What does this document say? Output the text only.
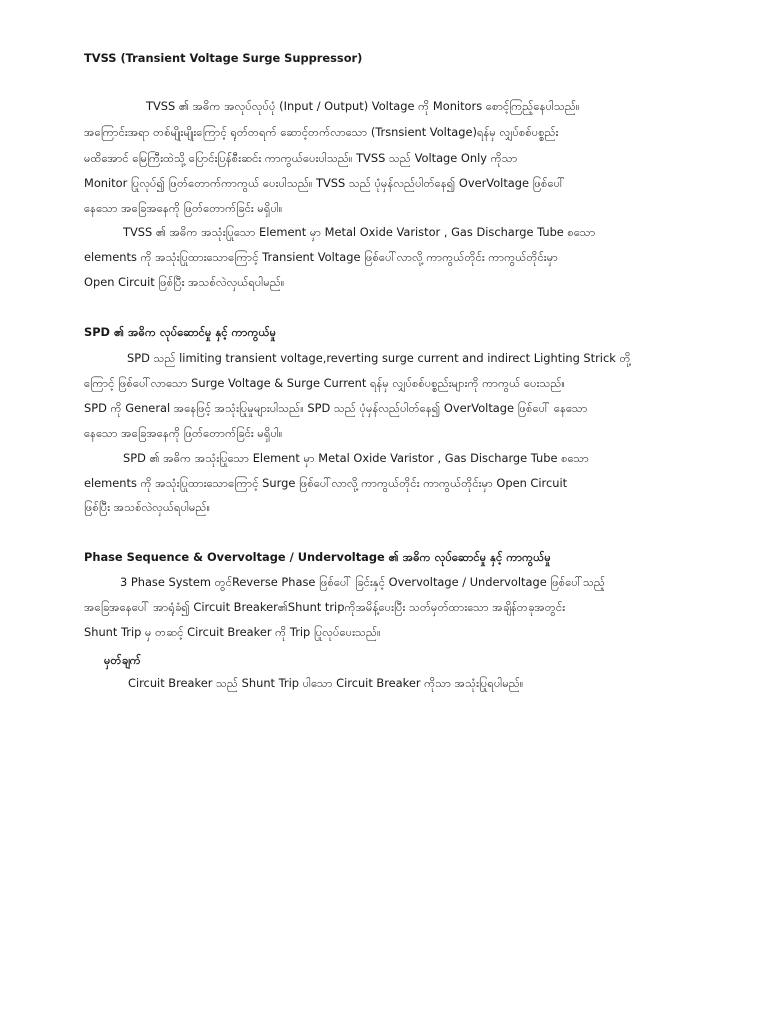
TVSS (Transient Voltage Surge Suppressor)
TVSS ၏ အဓိက အလုပ်လုပ်ပုံ (Input / Output) Voltage ကို Monitors စောင့်ကြည့်နေပါသည်။
အကြောင်းအရာ တစ်မျိုးမျိုးကြောင့် ရုတ်တရက် ဆောင့်တက်လာသော (Trsnsient Voltage)ရန်မှ လျှပ်စစ်ပစ္စည်း
မထိအောင် မြေကြီးထဲသို့ ပြောင်းပြန်စီးဆင်း ကာကွယ်ပေးပါသည်။ TVSS သည် Voltage Only ကိုသာ
Monitor ပြုလုပ်၍ ဖြတ်တောက်ကာကွယ် ပေးပါသည်။ TVSS သည် ပုံမှန်လည်ပါတ်နေ၍ OverVoltage ဖြစ်ပေါ်
နေသော အခြေအနေကို ဖြတ်တောက်ခြင်း မရှိပါ။
TVSS ၏ အဓိက အသုံးပြုသော Element မှာ Metal Oxide Varistor , Gas Discharge Tube စသော
elements ကို အသုံးပြုထားသောကြောင့် Transient Voltage ဖြစ်ပေါ်လာလို့ ကာကွယ်တိုင်း ကာကွယ်တိုင်းမှာ
Open Circuit ဖြစ်ပြီး အသစ်လဲလှယ်ရပါမည်။
SPD ၏ အဓိက လုပ်ဆောင်မှု နှင့် ကာကွယ်မှု
SPD သည် limiting transient voltage,reverting surge current and indirect Lighting Strick တို့
ကြောင့် ဖြစ်ပေါ်လာသော Surge Voltage & Surge Current ရန်မှ လျှပ်စစ်ပစ္စည်းများကို ကာကွယ် ပေးသည်။
SPD ကို General အနေဖြင့် အသုံးပြုမှုများပါသည်။ SPD သည် ပုံမှန်လည်ပါတ်နေ၍ OverVoltage ဖြစ်ပေါ် နေသော
နေသော အခြေအနေကို ဖြတ်တောက်ခြင်း မရှိပါ။
SPD ၏ အဓိက အသုံးပြုသော Element မှာ Metal Oxide Varistor , Gas Discharge Tube စသော
elements ကို အသုံးပြုထားသောကြောင့် Surge ဖြစ်ပေါ်လာလို့ ကာကွယ်တိုင်း ကာကွယ်တိုင်းမှာ Open Circuit
ဖြစ်ပြီး အသစ်လဲလှယ်ရပါမည်။
Phase Sequence & Overvoltage / Undervoltage ၏ အဓိက လုပ်ဆောင်မှု နှင့် ကာကွယ်မှု
3 Phase System တွင်Reverse Phase ဖြစ်ပေါ် ခြင်းနှင့် Overvoltage / Undervoltage ဖြစ်ပေါ်သည့်
အခြေအနေပေါ် အာရုံခံ၍ Circuit Breaker၏Shunt tripကိုအမိန့်ပေးပြီး သတ်မှတ်ထားသော အချိန်တခုအတွင်း
Shunt Trip မှ တဆင့် Circuit Breaker ကို Trip ပြုလုပ်ပေးသည်။
မှတ်ချက်
Circuit Breaker သည် Shunt Trip ပါသော Circuit Breaker ကိုသာ အသုံးပြုရပါမည်။
